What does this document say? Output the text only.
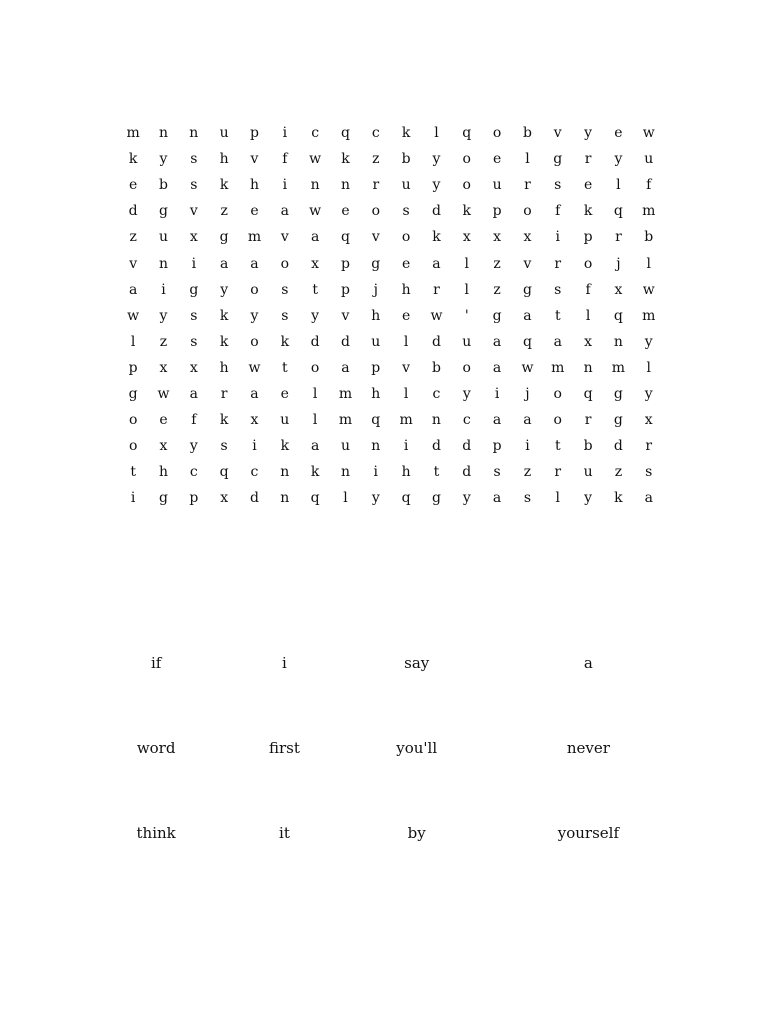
m	n	n	u	p	i	c	q	c	k	l	q	o	b	v	y	e	w
k	y	s	h	v	f	w	k	z	b	y	o	e	l	g	r	y	u
e	b	s	k	h	i	n	n	r	u	y	o	u	r	s	e	l	f
d	g	v	z	e	a	w	e	o	s	d	k	p	o	f	k	q	m
z	u	x	g	m	v	a	q	v	o	k	x	x	x	i	p	r	b
v	n	i	a	a	o	x	p	g	e	a	l	z	v	r	o	j	l
a	i	g	y	o	s	t	p	j	h	r	l	z	g	s	f	x	w
w	y	s	k	y	s	y	v	h	e	w	'	g	a	t	l	q	m
l	z	s	k	o	k	d	d	u	l	d	u	a	q	a	x	n	y
p	x	x	h	w	t	o	a	p	v	b	o	a	w	m	n	m	l
g	w	a	r	a	e	l	m	h	l	c	y	i	j	o	q	g	y
o	e	f	k	x	u	l	m	q	m	n	c	a	a	o	r	g	x
o	x	y	s	i	k	a	u	n	i	d	d	p	i	t	b	d	r
t	h	c	q	c	n	k	n	i	h	t	d	s	z	r	u	z	s
i	g	p	x	d	n	q	l	y	q	g	y	a	s	l	y	k	a
if	i	say	a
word	first	you'll	never
think	it	by	yourself
